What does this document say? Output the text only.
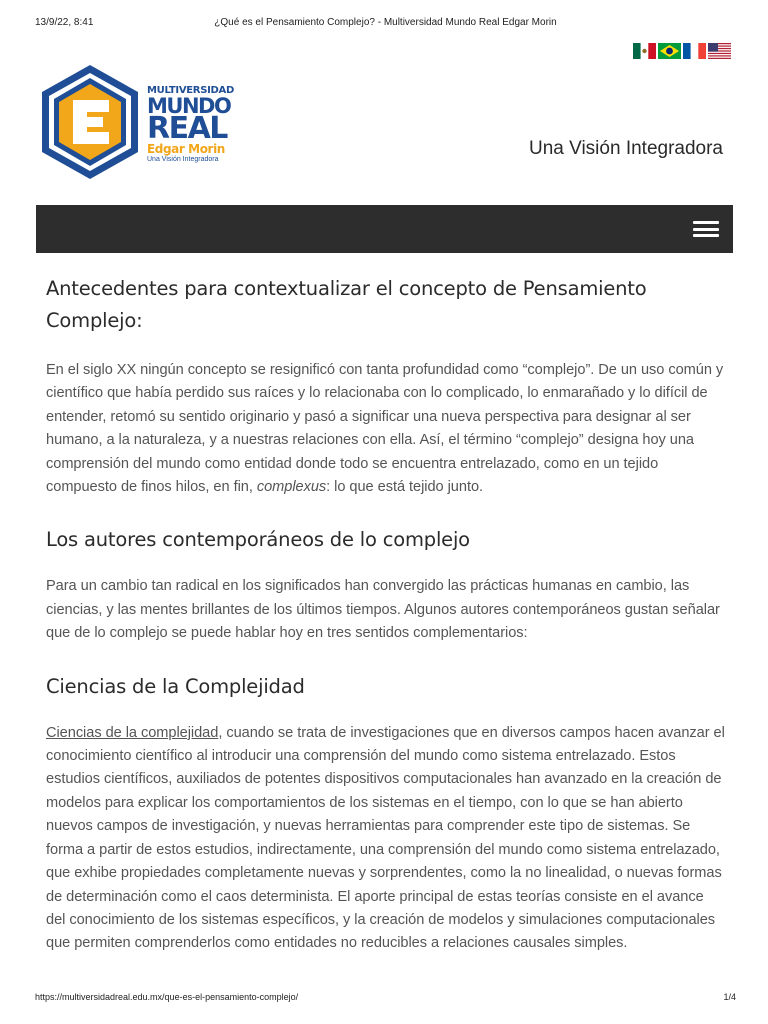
13/9/22, 8:41	¿Qué es el Pensamiento Complejo? - Multiversidad Mundo Real Edgar Morin
MULTIVERSIDAD
MUNDO
REAL
Edgar Morin
Una Visión Integradora
Una Visión Integradora
Antecedentes para contextualizar el concepto de Pensamiento Complejo:

En el siglo XX ningún concepto se resignificó con tanta profundidad como “complejo”. De un uso común y científico que había perdido sus raíces y lo relacionaba con lo complicado, lo enmarañado y lo difícil de entender, retomó su sentido originario y pasó a significar una nueva perspectiva para designar al ser humano, a la naturaleza, y a nuestras relaciones con ella. Así, el término “complejo” designa hoy una comprensión del mundo como entidad donde todo se encuentra entrelazado, como en un tejido compuesto de finos hilos, en fin, complexus: lo que está tejido junto.

Los autores contemporáneos de lo complejo

Para un cambio tan radical en los significados han convergido las prácticas humanas en cambio, las ciencias, y las mentes brillantes de los últimos tiempos. Algunos autores contemporáneos gustan señalar que de lo complejo se puede hablar hoy en tres sentidos complementarios:

Ciencias de la Complejidad

Ciencias de la complejidad, cuando se trata de investigaciones que en diversos campos hacen avanzar el conocimiento científico al introducir una comprensión del mundo como sistema entrelazado. Estos estudios científicos, auxiliados de potentes dispositivos computacionales han avanzado en la creación de modelos para explicar los comportamientos de los sistemas en el tiempo, con lo que se han abierto nuevos campos de investigación, y nuevas herramientas para comprender este tipo de sistemas. Se forma a partir de estos estudios, indirectamente, una comprensión del mundo como sistema entrelazado, que exhibe propiedades completamente nuevas y sorprendentes, como la no linealidad, o nuevas formas de determinación como el caos determinista. El aporte principal de estas teorías consiste en el avance del conocimiento de los sistemas específicos, y la creación de modelos y simulaciones computacionales que permiten comprenderlos como entidades no reducibles a relaciones causales simples.

https://multiversidadreal.edu.mx/que-es-el-pensamiento-complejo/	1/4
